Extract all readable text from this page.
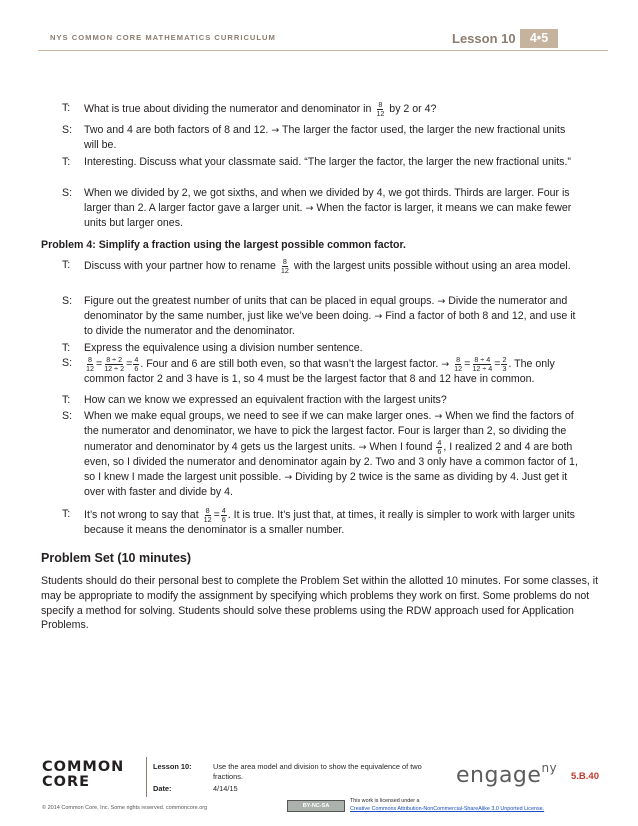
NYS COMMON CORE MATHEMATICS CURRICULUM	Lesson 10	4•5
T:	What is true about dividing the numerator and denominator in $\frac{8}{12}$ by 2 or 4?
S:	Two and 4 are both factors of 8 and 12. → The larger the factor used, the larger the new fractional units will be.
T:	Interesting. Discuss what your classmate said. “The larger the factor, the larger the new fractional units.”
S:	When we divided by 2, we got sixths, and when we divided by 4, we got thirds. Thirds are larger. Four is larger than 2. A larger factor gave a larger unit. → When the factor is larger, it means we can make fewer units but larger ones.
Problem 4: Simplify a fraction using the largest possible common factor.
T:	Discuss with your partner how to rename $\frac{8}{12}$ with the largest units possible without using an area model.
S:	Figure out the greatest number of units that can be placed in equal groups. → Divide the numerator and denominator by the same number, just like we’ve been doing. → Find a factor of both 8 and 12, and use it to divide the numerator and the denominator.
T:	Express the equivalence using a division number sentence.
S:	$\frac{8}{12} = \frac{8 \div 2}{12 \div 2} = \frac{4}{6}$ . Four and 6 are still both even, so that wasn’t the largest factor. → $\frac{8}{12} = \frac{8 \div 4}{12 \div 4} = \frac{2}{3}$ . The only common factor 2 and 3 have is 1, so 4 must be the largest factor that 8 and 12 have in common.
T:	How can we know we expressed an equivalent fraction with the largest units?
S:	When we make equal groups, we need to see if we can make larger ones. → When we find the factors of the numerator and denominator, we have to pick the largest factor. Four is larger than 2, so dividing the numerator and denominator by 4 gets us the largest units. → When I found $\frac{4}{6}$ , I realized 2 and 4 are both even, so I divided the numerator and denominator again by 2. Two and 3 only have a common factor of 1, so I knew I made the largest unit possible. → Dividing by 2 twice is the same as dividing by 4. Just get it over with faster and divide by 4.
T:	It’s not wrong to say that $\frac{8}{12} = \frac{4}{6}$ . It is true. It’s just that, at times, it really is simpler to work with larger units because it means the denominator is a smaller number.
Problem Set (10 minutes)
Students should do their personal best to complete the Problem Set within the allotted 10 minutes. For some classes, it may be appropriate to modify the assignment by specifying which problems they work on first. Some problems do not specify a method for solving. Students should solve these problems using the RDW approach used for Application Problems.
COMMON
CORE
Lesson 10:	Use the area model and division to show the equivalence of two fractions.
Date:	4/14/15
engage$^{ny}$
5.B.40
© 2014 Common Core, Inc. Some rights reserved. commoncore.org	BY-NC-SA
This work is licensed under a
Creative Commons Attribution-NonCommercial-ShareAlike 3.0 Unported License.
